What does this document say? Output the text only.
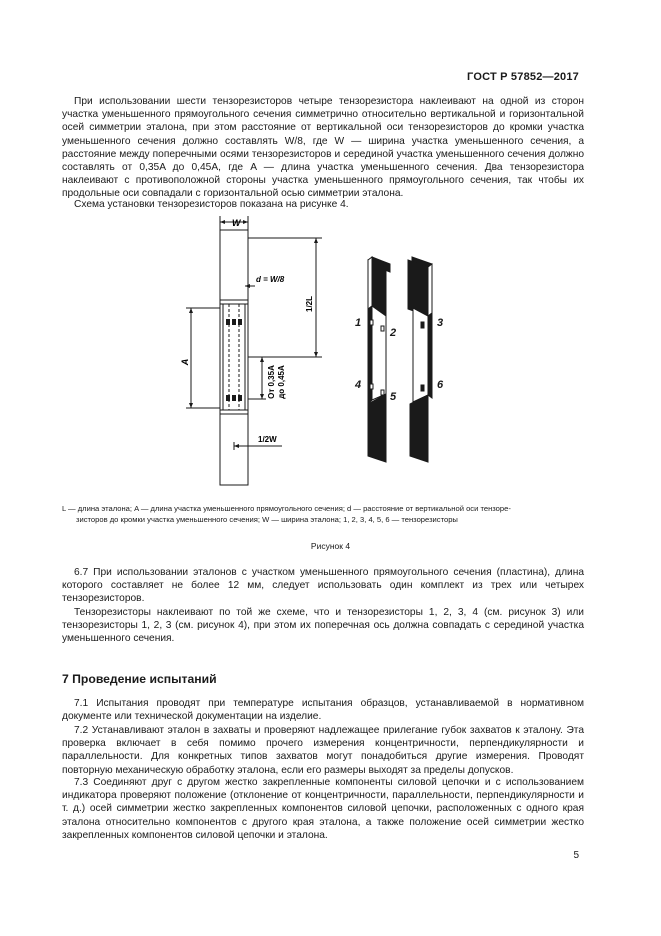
ГОСТ Р 57852—2017

При использовании шести тензорезисторов четыре тензорезистора наклеивают на одной из сторон участка уменьшенного прямоугольного сечения симметрично относительно вертикальной и горизонтальной осей симметрии эталона, при этом расстояние от вертикальной оси тензорезисторов до кромки участка уменьшенного сечения должно составлять W/8, где W — ширина участка уменьшенного сечения, а расстояние между поперечными осями тензорезисторов и серединой участка уменьшенного сечения должно составлять от 0,35A до 0,45A, где A — длина участка уменьшенного сечения. Два тензорезистора наклеивают с противоположной стороны участка уменьшенного прямоугольного сечения, так чтобы их продольные оси совпадали с горизонтальной осью симметрии эталона.

Схема установки тензорезисторов показана на рисунке 4.

W
d = W/8
1/2L
A
От 0,35A до 0,45A
1/2W
1
2
3
4
5
6
L — длина эталона; A — длина участка уменьшенного прямоугольного сечения; d — расстояние от вертикальной оси тензоре-
зисторов до кромки участка уменьшенного сечения; W — ширина эталона; 1, 2, 3, 4, 5, 6 — тензорезисторы
Рисунок 4

6.7 При использовании эталонов с участком уменьшенного прямоугольного сечения (пластина), длина которого составляет не более 12 мм, следует использовать один комплект из трех или четырех тензорезисторов.

Тензорезисторы наклеивают по той же схеме, что и тензорезисторы 1, 2, 3, 4 (см. рисунок 3) или тензорезисторы 1, 2, 3 (см. рисунок 4), при этом их поперечная ось должна совпадать с серединой участка уменьшенного сечения.

7 Проведение испытаний

7.1 Испытания проводят при температуре испытания образцов, устанавливаемой в нормативном документе или технической документации на изделие.

7.2 Устанавливают эталон в захваты и проверяют надлежащее прилегание губок захватов к эталону. Эта проверка включает в себя помимо прочего измерения концентричности, перпендикулярности и параллельности. Для конкретных типов захватов могут понадобиться другие измерения. Проводят повторную механическую обработку эталона, если его размеры выходят за пределы допусков.

7.3 Соединяют друг с другом жестко закрепленные компоненты силовой цепочки и с использованием индикатора проверяют положение (отклонение от концентричности, параллельности, перпендикулярности и т. д.) осей симметрии жестко закрепленных компонентов силовой цепочки, расположенных с одного края эталона относительно компонентов с другого края эталона, а также положение осей симметрии жестко закрепленных компонентов силовой цепочки и эталона.

5
